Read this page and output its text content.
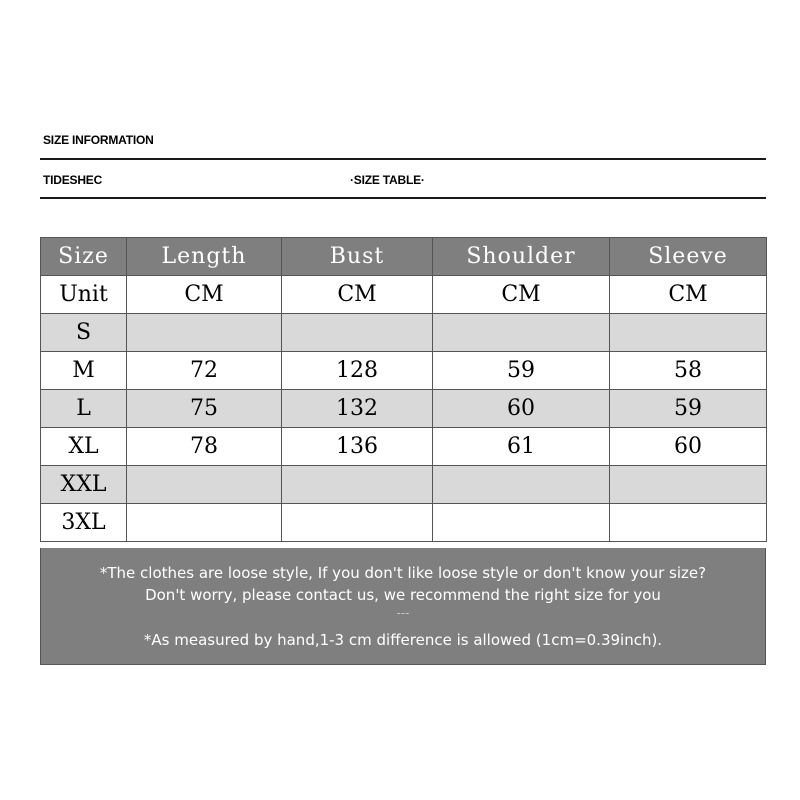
SIZE INFORMATION
TIDESHEC	·SIZE TABLE·
Size	Length	Bust	Shoulder	Sleeve
Unit	CM	CM	CM	CM
S				
M	72	128	59	58
L	75	132	60	59
XL	78	136	61	60
XXL				
3XL				
*The clothes are loose style, If you don't like loose style or don't know your size?
Don't worry, please contact us, we recommend the right size for you
---
*As measured by hand,1-3 cm difference is allowed (1cm=0.39inch).
